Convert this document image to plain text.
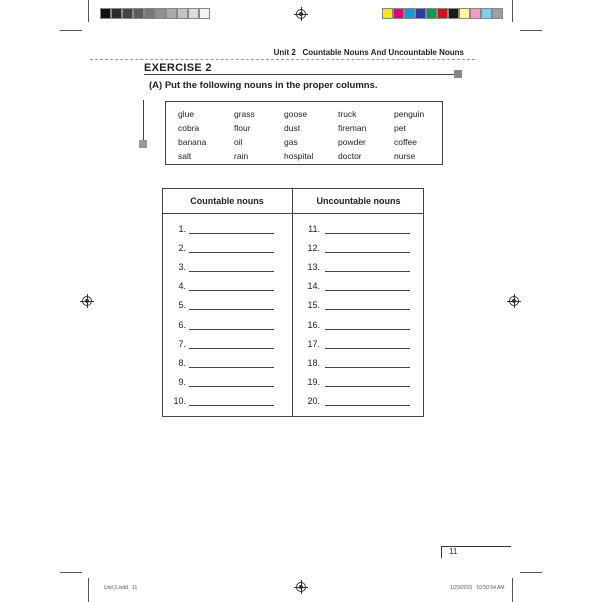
Unit 2   Countable Nouns And Uncountable Nouns
EXERCISE 2
(A) Put the following nouns in the proper columns.
glue
cobra
banana
salt
grass
flour
oil
rain
goose
dust
gas
hospital
truck
fireman
powder
doctor
penguin
pet
coffee
nurse
Countable nouns	Uncountable nouns
1.
2.
3.
4.
5.
6.
7.
8.
9.
10.
11.
12.
13.
14.
15.
16.
17.
18.
19.
20.
11
Unit 2.indd   11	1/29/2015   10:50:54 AM
